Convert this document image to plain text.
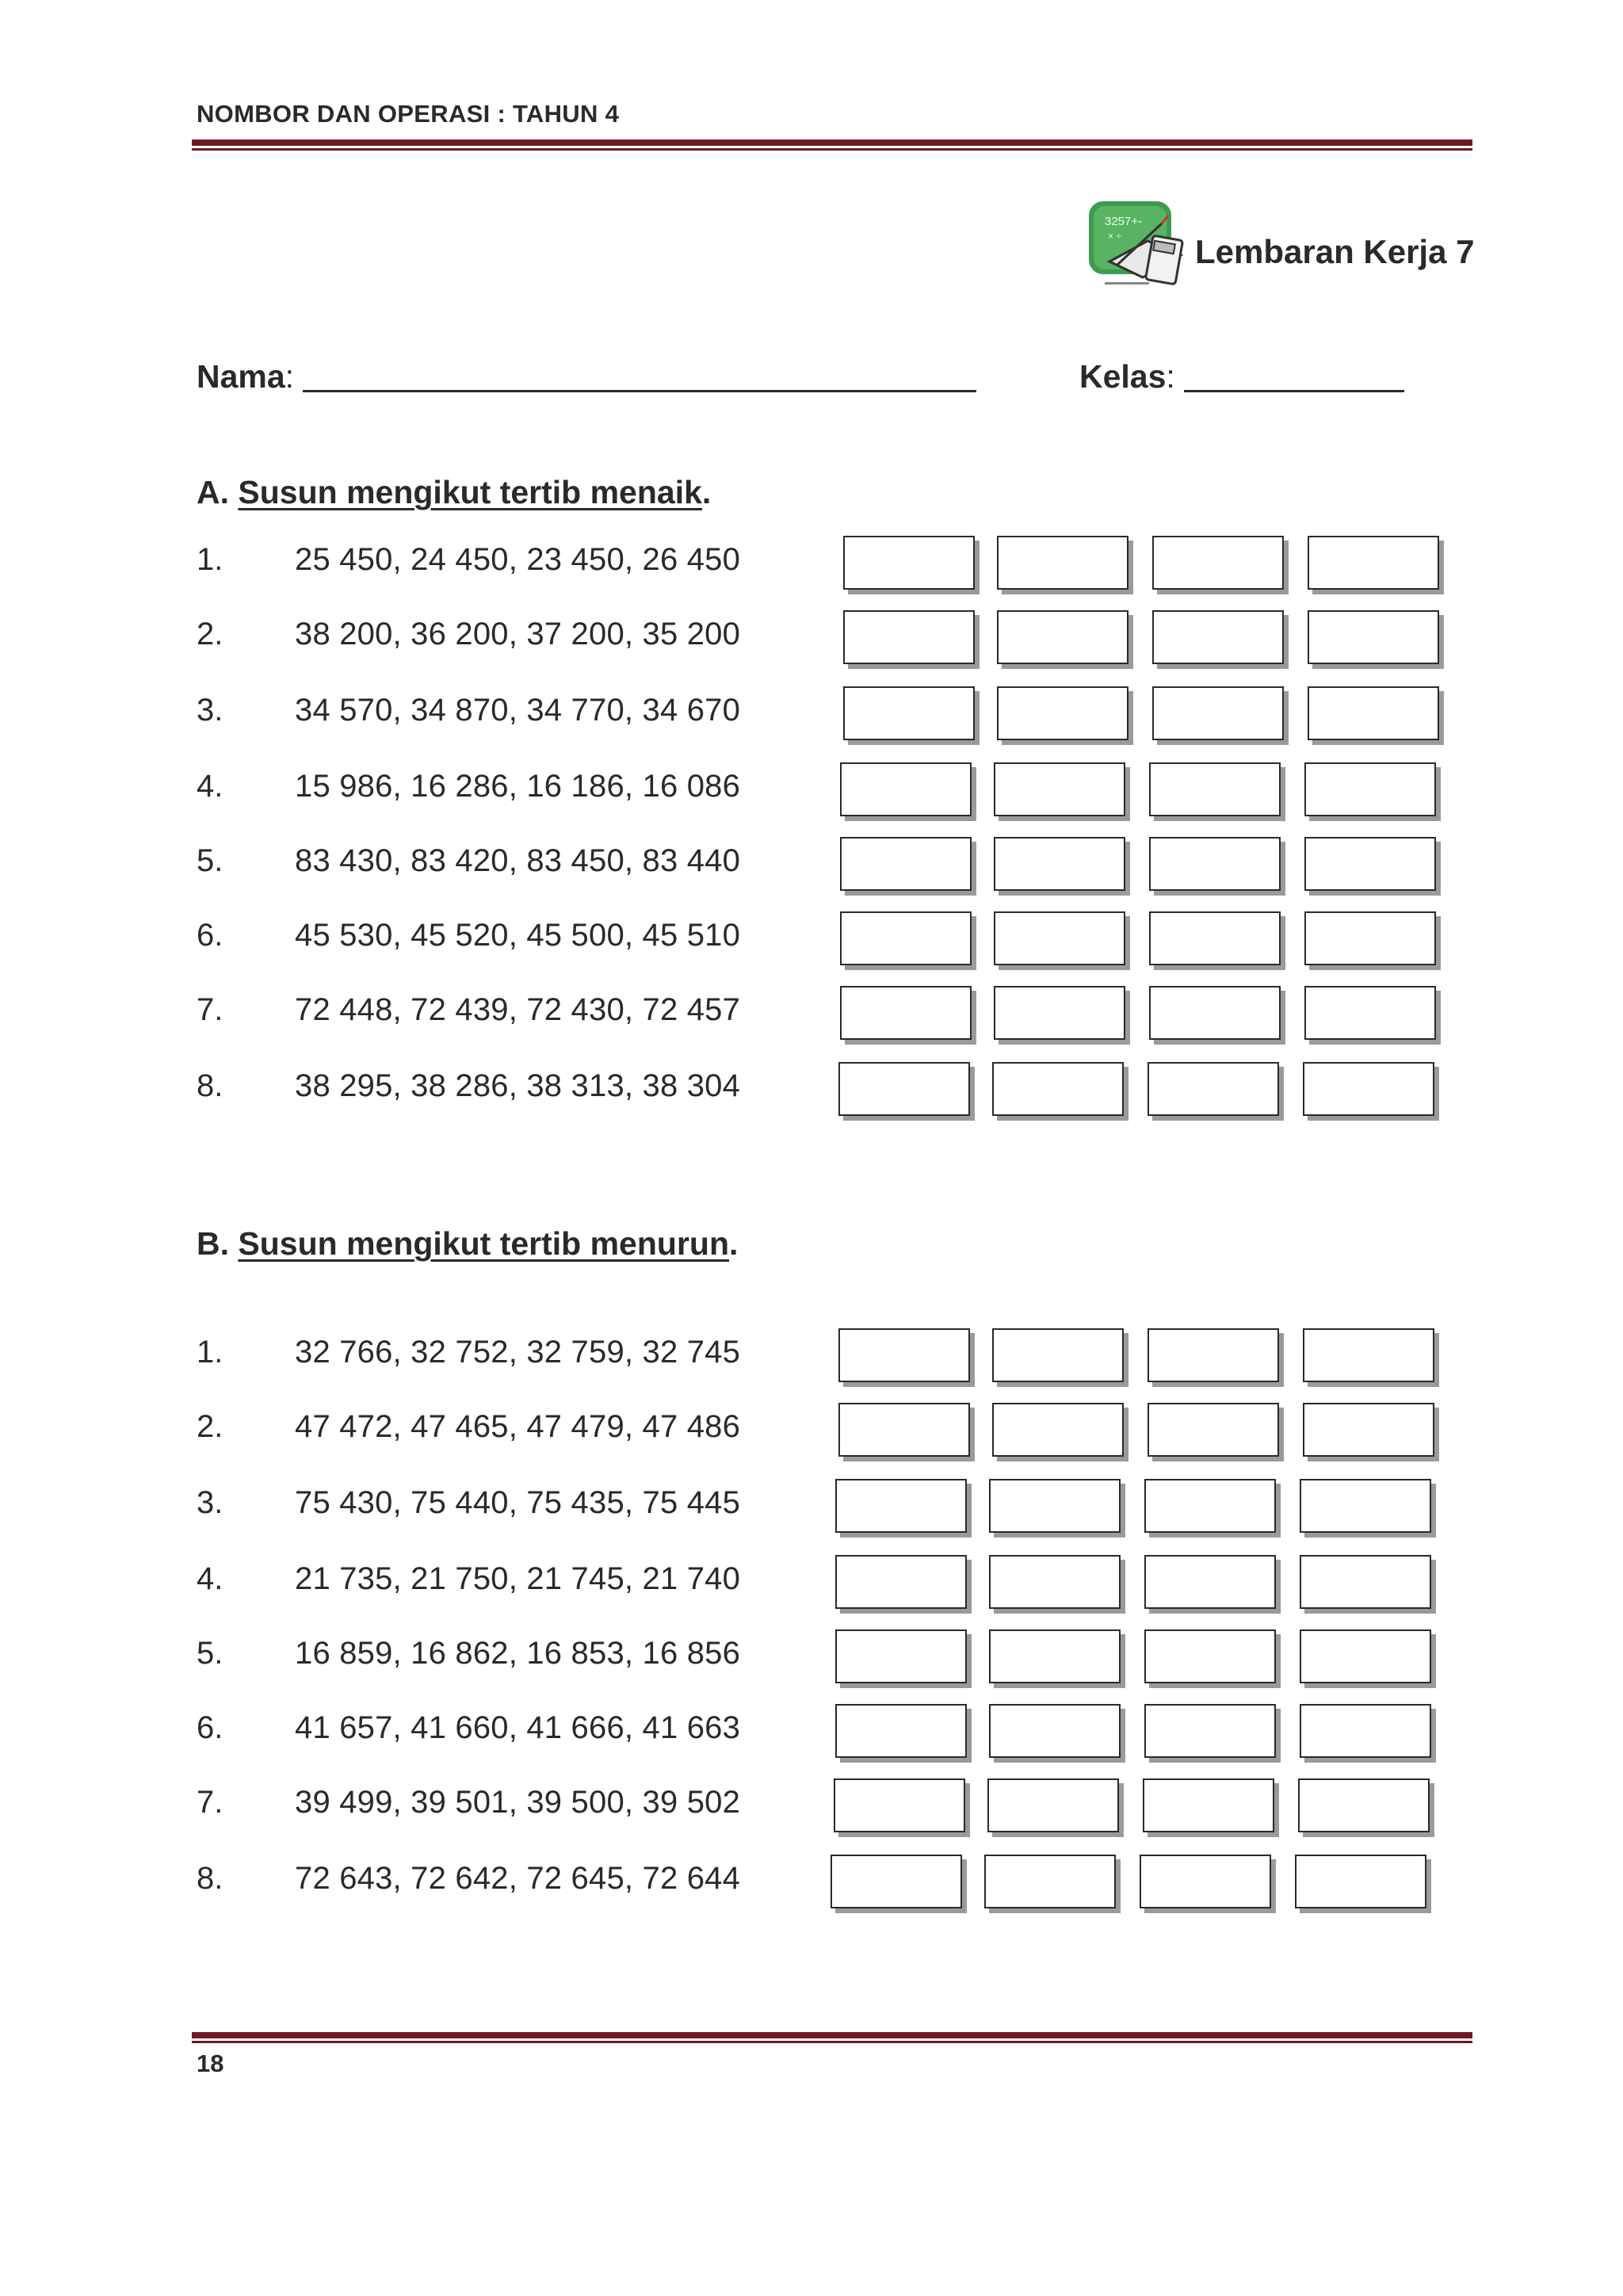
NOMBOR DAN OPERASI : TAHUN 4
3257+-
× ÷ Lembaran Kerja 7
Nama:	Kelas:
A. Susun mengikut tertib menaik.
1. 25 450, 24 450, 23 450, 26 450
2. 38 200, 36 200, 37 200, 35 200
3. 34 570, 34 870, 34 770, 34 670
4. 15 986, 16 286, 16 186, 16 086
5. 83 430, 83 420, 83 450, 83 440
6. 45 530, 45 520, 45 500, 45 510
7. 72 448, 72 439, 72 430, 72 457
8. 38 295, 38 286, 38 313, 38 304
B. Susun mengikut tertib menurun.
1. 32 766, 32 752, 32 759, 32 745
2. 47 472, 47 465, 47 479, 47 486
3. 75 430, 75 440, 75 435, 75 445
4. 21 735, 21 750, 21 745, 21 740
5. 16 859, 16 862, 16 853, 16 856
6. 41 657, 41 660, 41 666, 41 663
7. 39 499, 39 501, 39 500, 39 502
8. 72 643, 72 642, 72 645, 72 644
18
